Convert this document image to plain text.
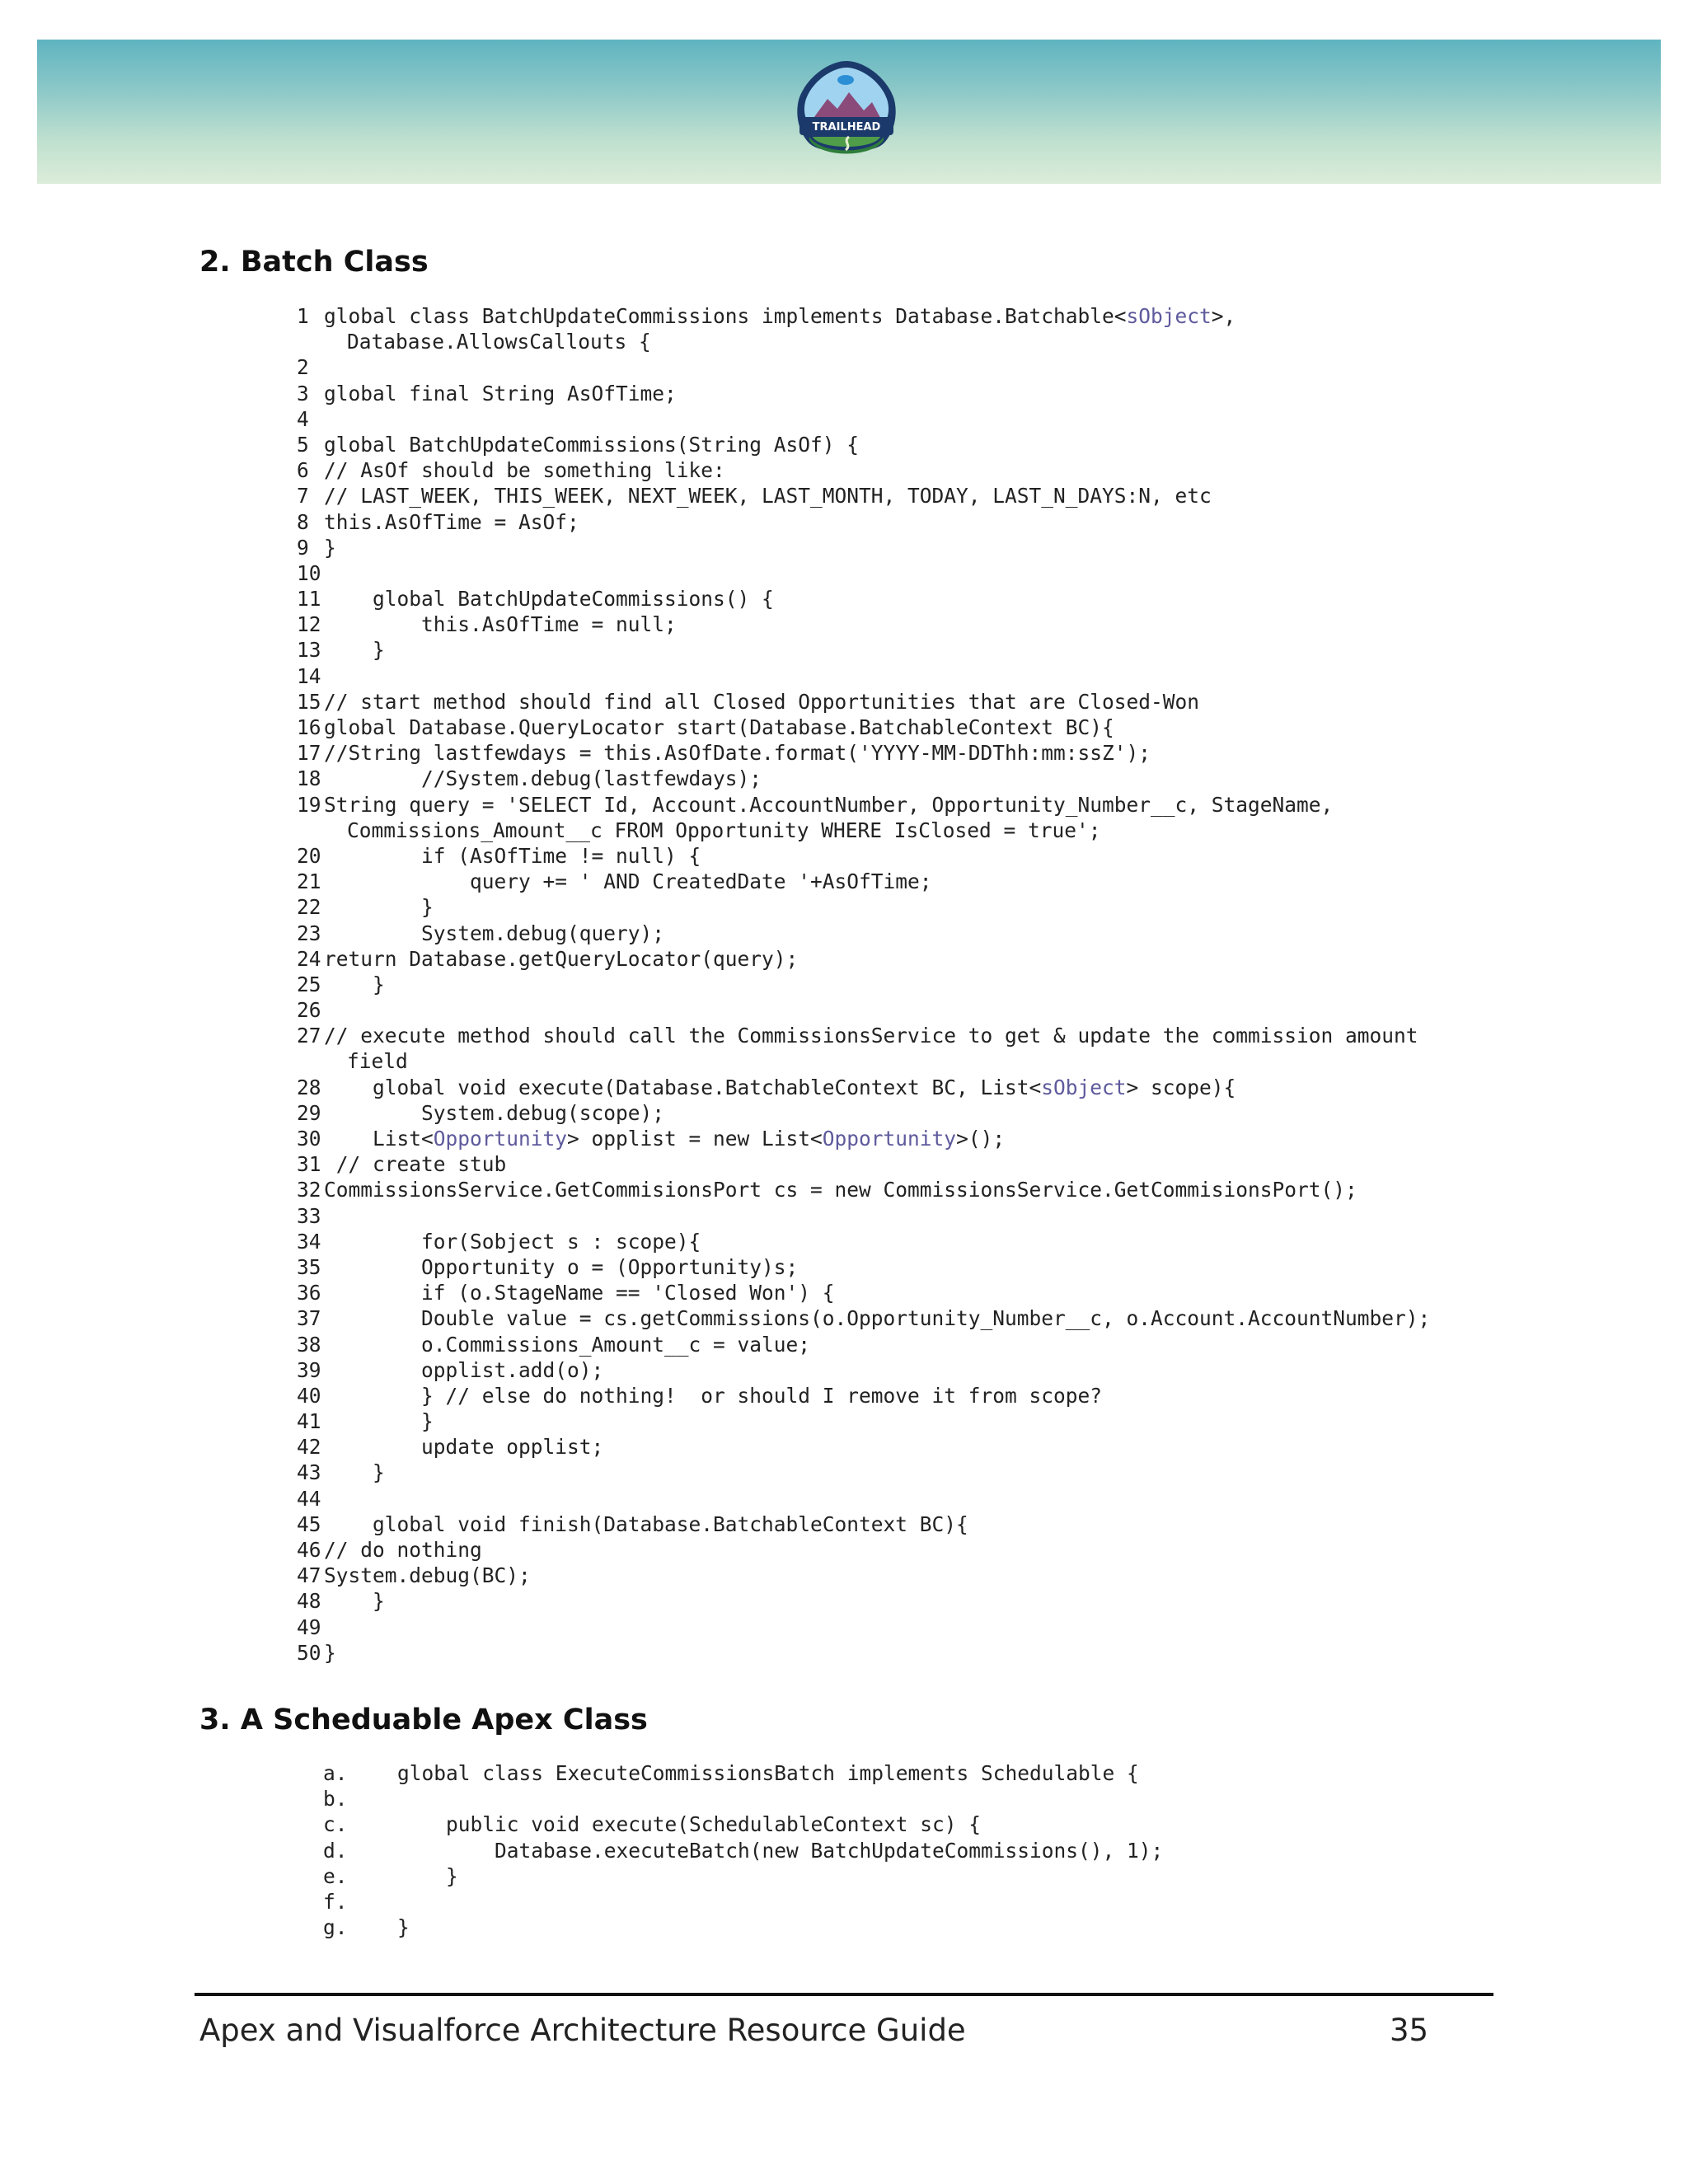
TRAILHEAD
2. Batch Class
1 global class BatchUpdateCommissions implements Database.Batchable<sObject>,
Database.AllowsCallouts {
2
3 global final String AsOfTime;
4
5 global BatchUpdateCommissions(String AsOf) {
6 // AsOf should be something like:
7 // LAST_WEEK, THIS_WEEK, NEXT_WEEK, LAST_MONTH, TODAY, LAST_N_DAYS:N, etc
8 this.AsOfTime = AsOf;
9 }
10
11 global BatchUpdateCommissions() {
12 this.AsOfTime = null;
13 }
14
15 // start method should find all Closed Opportunities that are Closed-Won
16 global Database.QueryLocator start(Database.BatchableContext BC){
17 //String lastfewdays = this.AsOfDate.format('YYYY-MM-DDThh:mm:ssZ');
18 //System.debug(lastfewdays);
19 String query = 'SELECT Id, Account.AccountNumber, Opportunity_Number__c, StageName,
Commissions_Amount__c FROM Opportunity WHERE IsClosed = true';
20 if (AsOfTime != null) {
21 query += ' AND CreatedDate '+AsOfTime;
22 }
23 System.debug(query);
24 return Database.getQueryLocator(query);
25 }
26
27 // execute method should call the CommissionsService to get & update the commission amount
field
28 global void execute(Database.BatchableContext BC, List<sObject> scope){
29 System.debug(scope);
30 List<Opportunity> opplist = new List<Opportunity>();
31 // create stub
32 CommissionsService.GetCommisionsPort cs = new CommissionsService.GetCommisionsPort();
33
34 for(Sobject s : scope){
35 Opportunity o = (Opportunity)s;
36 if (o.StageName == 'Closed Won') {
37 Double value = cs.getCommissions(o.Opportunity_Number__c, o.Account.AccountNumber);
38 o.Commissions_Amount__c = value;
39 opplist.add(o);
40 } // else do nothing!  or should I remove it from scope?
41 }
42 update opplist;
43 }
44
45 global void finish(Database.BatchableContext BC){
46 // do nothing
47 System.debug(BC);
48 }
49
50 }
3. A Scheduable Apex Class
a.	global class ExecuteCommissionsBatch implements Schedulable {
b.
c.	public void execute(SchedulableContext sc) {
d.	Database.executeBatch(new BatchUpdateCommissions(), 1);
e.	}
f.
g.	}
Apex and Visualforce Architecture Resource Guide	35
